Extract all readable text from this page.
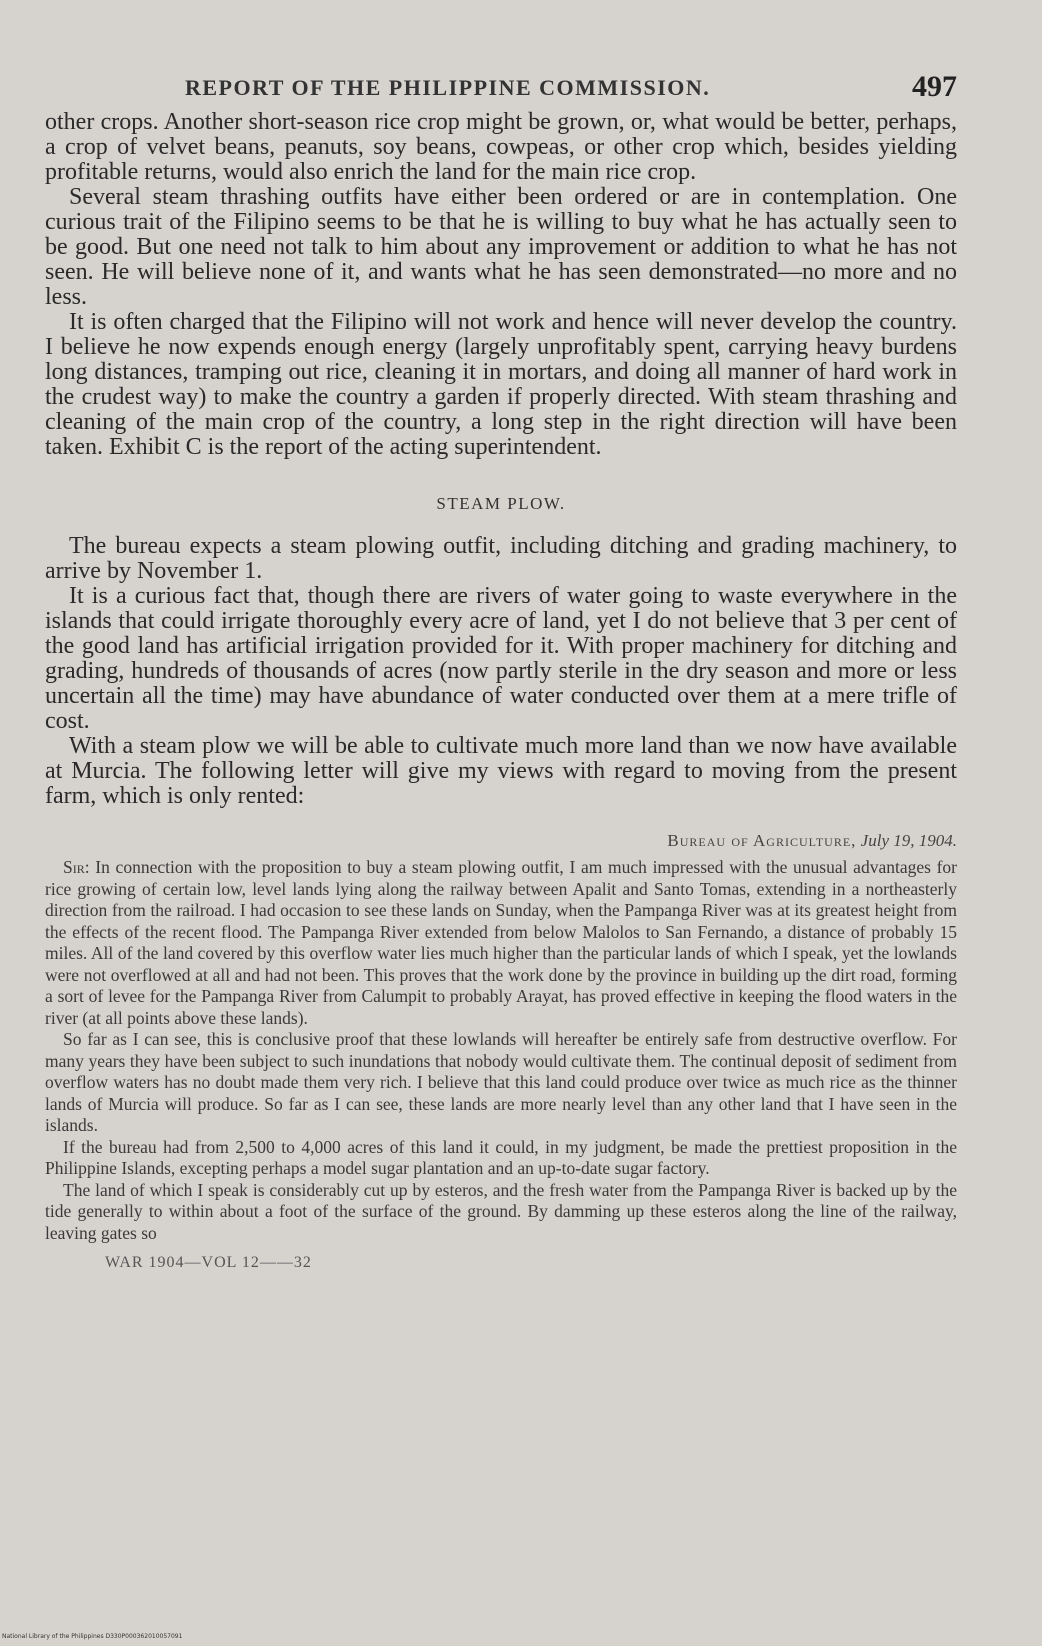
REPORT OF THE PHILIPPINE COMMISSION.	497

other crops. Another short-season rice crop might be grown, or, what would be better, perhaps, a crop of velvet beans, peanuts, soy beans, cowpeas, or other crop which, besides yielding profitable returns, would also enrich the land for the main rice crop.

Several steam thrashing outfits have either been ordered or are in contemplation. One curious trait of the Filipino seems to be that he is willing to buy what he has actually seen to be good. But one need not talk to him about any improvement or addition to what he has not seen. He will believe none of it, and wants what he has seen demonstrated—no more and no less.

It is often charged that the Filipino will not work and hence will never develop the country. I believe he now expends enough energy (largely unprofitably spent, carrying heavy burdens long distances, tramping out rice, cleaning it in mortars, and doing all manner of hard work in the crudest way) to make the country a garden if properly directed. With steam thrashing and cleaning of the main crop of the country, a long step in the right direction will have been taken. Exhibit C is the report of the acting superintendent.

STEAM PLOW.

The bureau expects a steam plowing outfit, including ditching and grading machinery, to arrive by November 1.

It is a curious fact that, though there are rivers of water going to waste everywhere in the islands that could irrigate thoroughly every acre of land, yet I do not believe that 3 per cent of the good land has artificial irrigation provided for it. With proper machinery for ditching and grading, hundreds of thousands of acres (now partly sterile in the dry season and more or less uncertain all the time) may have abundance of water conducted over them at a mere trifle of cost.

With a steam plow we will be able to cultivate much more land than we now have available at Murcia. The following letter will give my views with regard to moving from the present farm, which is only rented:

Bureau of Agriculture, July 19, 1904.

Sir: In connection with the proposition to buy a steam plowing outfit, I am much impressed with the unusual advantages for rice growing of certain low, level lands lying along the railway between Apalit and Santo Tomas, extending in a northeasterly direction from the railroad. I had occasion to see these lands on Sunday, when the Pampanga River was at its greatest height from the effects of the recent flood. The Pampanga River extended from below Malolos to San Fernando, a distance of probably 15 miles. All of the land covered by this overflow water lies much higher than the particular lands of which I speak, yet the lowlands were not overflowed at all and had not been. This proves that the work done by the province in building up the dirt road, forming a sort of levee for the Pampanga River from Calumpit to probably Arayat, has proved effective in keeping the flood waters in the river (at all points above these lands).

So far as I can see, this is conclusive proof that these lowlands will hereafter be entirely safe from destructive overflow. For many years they have been subject to such inundations that nobody would cultivate them. The continual deposit of sediment from overflow waters has no doubt made them very rich. I believe that this land could produce over twice as much rice as the thinner lands of Murcia will produce. So far as I can see, these lands are more nearly level than any other land that I have seen in the islands.

If the bureau had from 2,500 to 4,000 acres of this land it could, in my judgment, be made the prettiest proposition in the Philippine Islands, excepting perhaps a model sugar plantation and an up-to-date sugar factory.

The land of which I speak is considerably cut up by esteros, and the fresh water from the Pampanga River is backed up by the tide generally to within about a foot of the surface of the ground. By damming up these esteros along the line of the railway, leaving gates so

WAR 1904—VOL 12——32
National Library of the Philippines D330P000362010057091
